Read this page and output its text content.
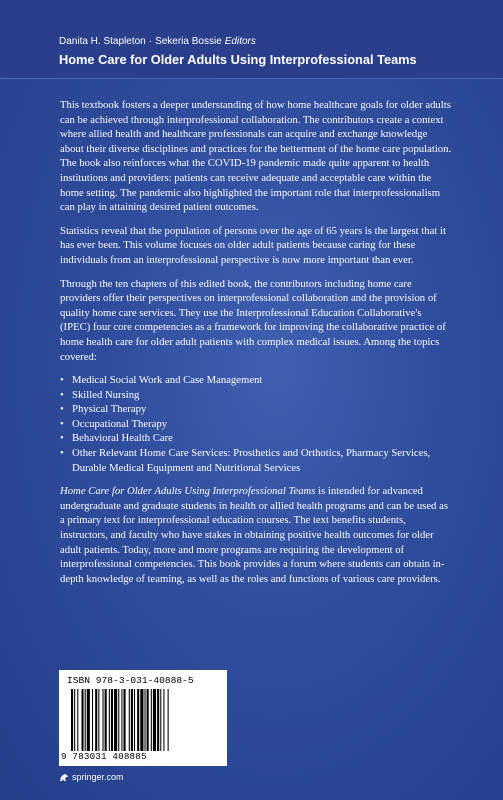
Danita H. Stapleton · Sekeria Bossie Editors
Home Care for Older Adults Using Interprofessional Teams

This textbook fosters a deeper understanding of how home healthcare goals for older adults can be achieved through interprofessional collaboration. The contributors create a context where allied health and healthcare professionals can acquire and exchange knowledge about their diverse disciplines and practices for the betterment of the home care population. The book also reinforces what the COVID-19 pandemic made quite apparent to health institutions and providers: patients can receive adequate and acceptable care within the home setting. The pandemic also highlighted the important role that interprofessionalism can play in attaining desired patient outcomes.

Statistics reveal that the population of persons over the age of 65 years is the largest that it has ever been. This volume focuses on older adult patients because caring for these individuals from an interprofessional perspective is now more important than ever.

Through the ten chapters of this edited book, the contributors including home care providers offer their perspectives on interprofessional collaboration and the provision of quality home care services. They use the Interprofessional Education Collaborative's (IPEC) four core competencies as a framework for improving the collaborative practice of home health care for older adult patients with complex medical issues. Among the topics covered:

• Medical Social Work and Case Management
• Skilled Nursing
• Physical Therapy
• Occupational Therapy
• Behavioral Health Care
• Other Relevant Home Care Services: Prosthetics and Orthotics, Pharmacy Services, Durable Medical Equipment and Nutritional Services

Home Care for Older Adults Using Interprofessional Teams is intended for advanced undergraduate and graduate students in health or allied health programs and can be used as a primary text for interprofessional education courses. The text benefits students, instructors, and faculty who have stakes in obtaining positive health outcomes for older adult patients. Today, more and more programs are requiring the development of interprofessional competencies. This book provides a forum where students can obtain in-depth knowledge of teaming, as well as the roles and functions of various care providers.

ISBN 978-3-031-40888-5
9 783031 408885
springer.com
